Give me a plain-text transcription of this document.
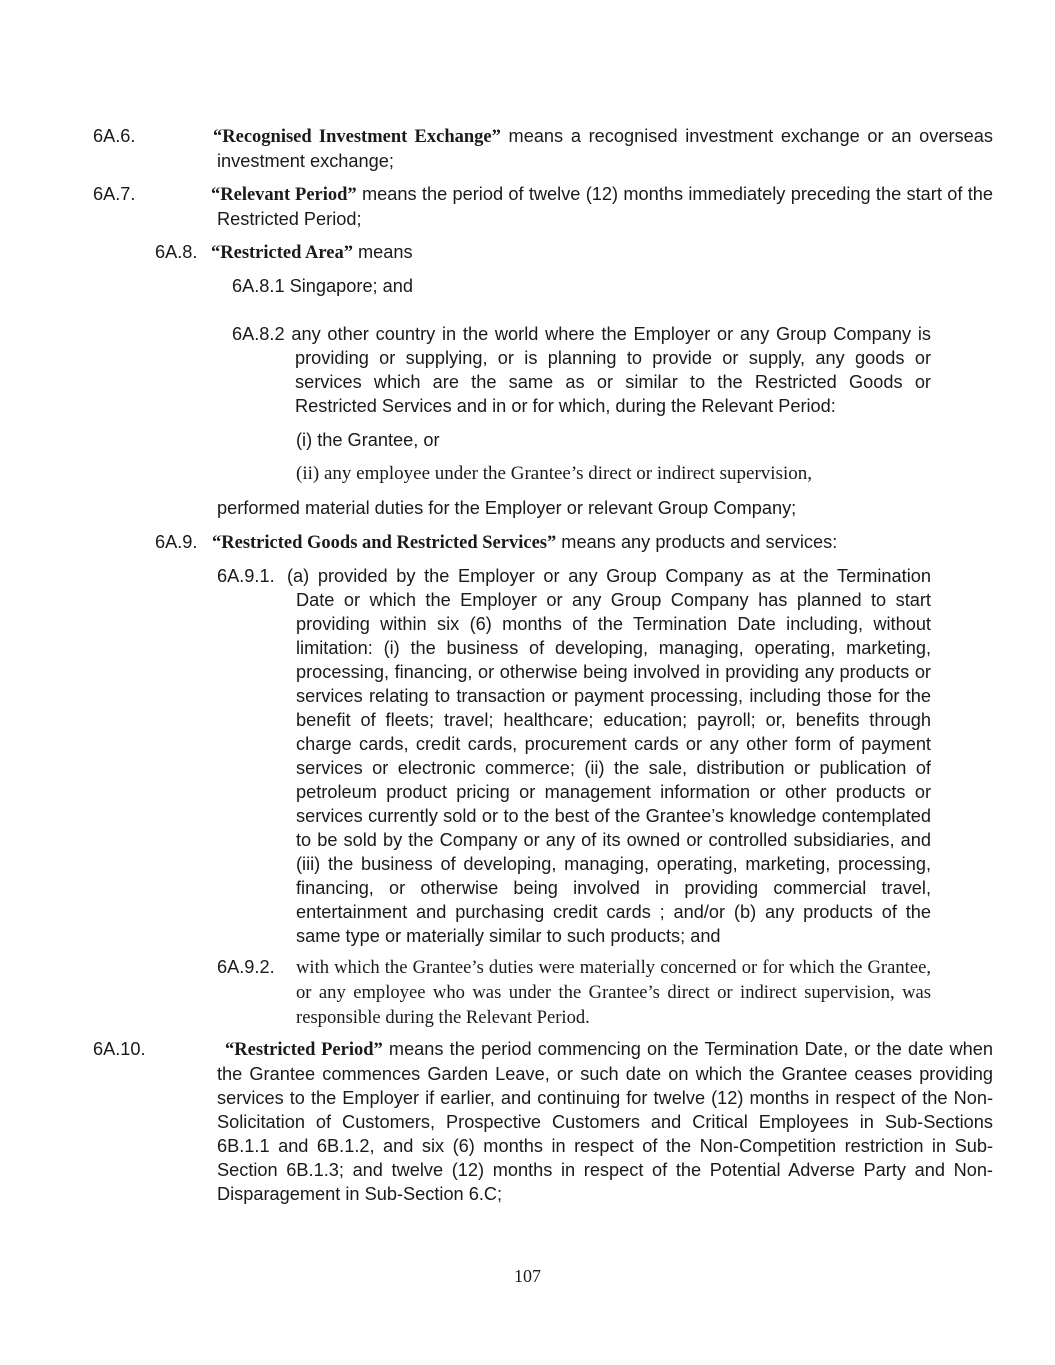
6A.6.	“Recognised Investment Exchange” means a recognised investment exchange or an overseas investment exchange;
6A.7.	“Relevant Period” means the period of twelve (12) months immediately preceding the start of the Restricted Period;
6A.8. “Restricted Area” means
6A.8.1 Singapore; and
6A.8.2 any other country in the world where the Employer or any Group Company is providing or supplying, or is planning to provide or supply, any goods or services which are the same as or similar to the Restricted Goods or Restricted Services and in or for which, during the Relevant Period:
(i) the Grantee, or
(ii) any employee under the Grantee’s direct or indirect supervision,
performed material duties for the Employer or relevant Group Company;
6A.9. “Restricted Goods and Restricted Services” means any products and services:
6A.9.1. (a) provided by the Employer or any Group Company as at the Termination Date or which the Employer or any Group Company has planned to start providing within six (6) months of the Termination Date including, without limitation: (i) the business of developing, managing, operating, marketing, processing, financing, or otherwise being involved in providing any products or services relating to transaction or payment processing, including those for the benefit of fleets; travel; healthcare; education; payroll; or, benefits through charge cards, credit cards, procurement cards or any other form of payment services or electronic commerce; (ii) the sale, distribution or publication of petroleum product pricing or management information or other products or services currently sold or to the best of the Grantee’s knowledge contemplated to be sold by the Company or any of its owned or controlled subsidiaries, and (iii) the business of developing, managing, operating, marketing, processing, financing, or otherwise being involved in providing commercial travel, entertainment and purchasing credit cards ; and/or (b) any products of the same type or materially similar to such products; and
6A.9.2. with which the Grantee’s duties were materially concerned or for which the Grantee, or any employee who was under the Grantee’s direct or indirect supervision, was responsible during the Relevant Period.
6A.10.	“Restricted Period” means the period commencing on the Termination Date, or the date when the Grantee commences Garden Leave, or such date on which the Grantee ceases providing services to the Employer if earlier, and continuing for twelve (12) months in respect of the Non-Solicitation of Customers, Prospective Customers and Critical Employees in Sub-Sections 6B.1.1 and 6B.1.2, and six (6) months in respect of the Non-Competition restriction in Sub-Section 6B.1.3; and twelve (12) months in respect of the Potential Adverse Party and Non-Disparagement in Sub-Section 6.C;
107
